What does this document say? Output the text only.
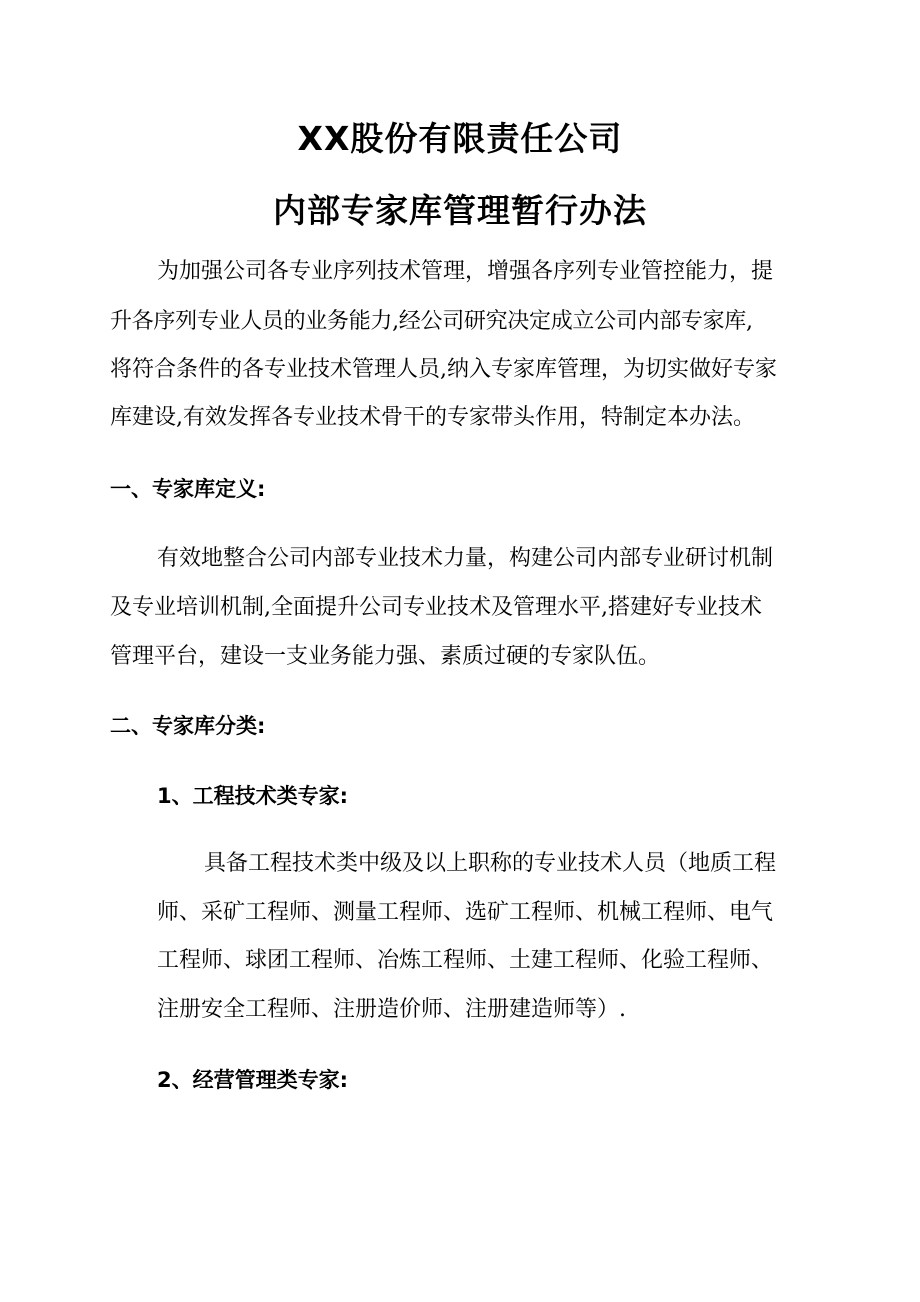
XX股份有限责任公司
内部专家库管理暂行办法

为加强公司各专业序列技术管理，增强各序列专业管控能力，提

升各序列专业人员的业务能力,经公司研究决定成立公司内部专家库,

将符合条件的各专业技术管理人员,纳入专家库管理，为切实做好专家

库建设,有效发挥各专业技术骨干的专家带头作用，特制定本办法。

一、专家库定义:

有效地整合公司内部专业技术力量，构建公司内部专业研讨机制

及专业培训机制,全面提升公司专业技术及管理水平,搭建好专业技术

管理平台，建设一支业务能力强、素质过硬的专家队伍。

二、专家库分类:
1、工程技术类专家:

具备工程技术类中级及以上职称的专业技术人员（地质工程

师、采矿工程师、测量工程师、选矿工程师、机械工程师、电气

工程师、球团工程师、冶炼工程师、土建工程师、化验工程师、

注册安全工程师、注册造价师、注册建造师等）.

2、经营管理类专家:
